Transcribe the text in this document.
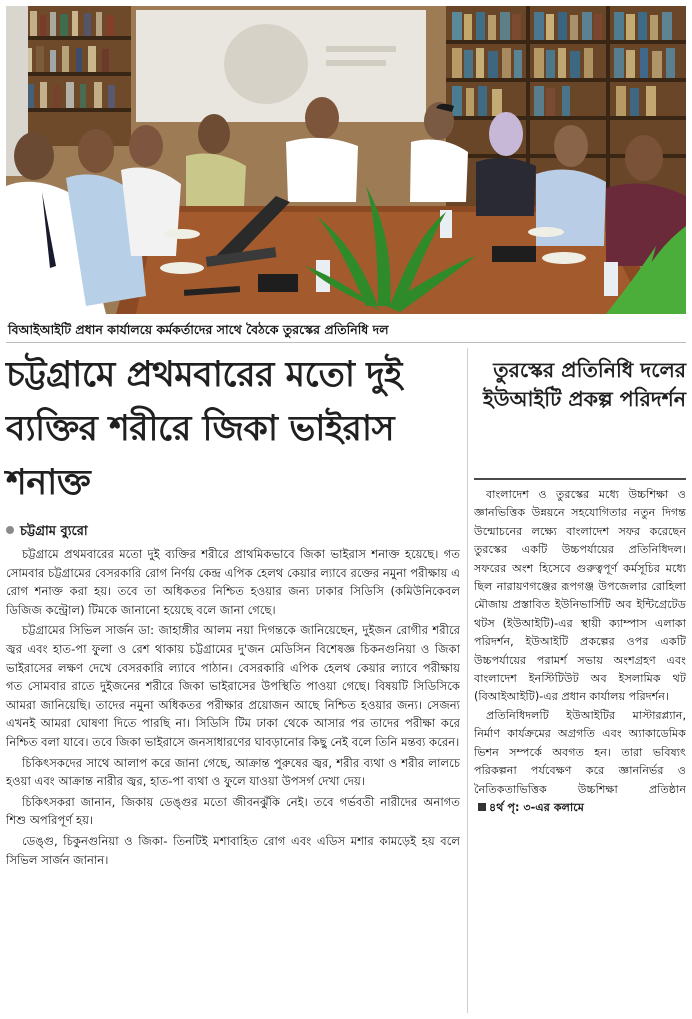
বিআইআইটি প্রধান কার্যালয়ে কর্মকর্তাদের সাথে বৈঠকে তুরস্কের প্রতিনিধি দল
চট্টগ্রামে প্রথমবারের মতো দুই ব্যক্তির শরীরে জিকা ভাইরাস শনাক্ত
চট্টগ্রাম ব্যুরো

চট্টগ্রামে প্রথমবারের মতো দুই ব্যক্তির শরীরে প্রাথমিকভাবে জিকা ভাইরাস শনাক্ত হয়েছে। গত সোমবার চট্টগ্রামের বেসরকারি রোগ নির্ণয় কেন্দ্র এপিক হেলথ কেয়ার ল্যাবে রক্তের নমুনা পরীক্ষায় এ রোগ শনাক্ত করা হয়। তবে তা অধিকতর নিশ্চিত হওয়ার জন্য ঢাকার সিডিসি (কমিউনিকেবল ডিজিজ কন্ট্রোল) টিমকে জানানো হয়েছে বলে জানা গেছে।

চট্টগ্রামের সিভিল সার্জন ডা: জাহাঙ্গীর আলম নয়া দিগন্তকে জানিয়েছেন, দুইজন রোগীর শরীরে জ্বর এবং হাত-পা ফুলা ও রেশ থাকায় চট্টগ্রামের দু'জন মেডিসিন বিশেষজ্ঞ চিকনগুনিয়া ও জিকা ভাইরাসের লক্ষণ দেখে বেসরকারি ল্যাবে পাঠান। বেসরকারি এপিক হেলথ কেয়ার ল্যাবে পরীক্ষায় গত সোমবার রাতে দুইজনের শরীরে জিকা ভাইরাসের উপস্থিতি পাওয়া গেছে। বিষয়টি সিডিসিকে আমরা জানিয়েছি। তাদের নমুনা অধিকতর পরীক্ষার প্রয়োজন আছে নিশ্চিত হওয়ার জন্য। সেজন্য এখনই আমরা ঘোষণা দিতে পারছি না। সিডিসি টিম ঢাকা থেকে আসার পর তাদের পরীক্ষা করে নিশ্চিত বলা যাবে। তবে জিকা ভাইরাসে জনসাধারণের ঘাবড়ানোর কিছু নেই বলে তিনি মন্তব্য করেন।

চিকিৎসকদের সাথে আলাপ করে জানা গেছে, আক্রান্ত পুরুষের জ্বর, শরীর ব্যথা ও শরীর লালচে হওয়া এবং আক্রান্ত নারীর জ্বর, হাত-পা ব্যথা ও ফুলে যাওয়া উপসর্গ দেখা দেয়।

চিকিৎসকরা জানান, জিকায় ডেঙ্গুর মতো জীবনঝুঁকি নেই। তবে গর্ভবতী নারীদের অনাগত শিশু অপরিপূর্ণ হয়।

ডেঙ্গু, চিকুনগুনিয়া ও জিকা- তিনটিই মশাবাহিত রোগ এবং এডিস মশার কামড়েই হয় বলে সিভিল সার্জন জানান।

তুরস্কের প্রতিনিধি দলের ইউআইটি প্রকল্প পরিদর্শন

বাংলাদেশ ও তুরস্কের মধ্যে উচ্চশিক্ষা ও জ্ঞানভিত্তিক উন্নয়নে সহযোগিতার নতুন দিগন্ত উন্মোচনের লক্ষ্যে বাংলাদেশ সফর করেছেন তুরস্কের একটি উচ্চপর্যায়ের প্রতিনিধিদল। সফরের অংশ হিসেবে গুরুত্বপূর্ণ কর্মসূচির মধ্যে ছিল নারায়ণগঞ্জের রূপগঞ্জ উপজেলার রোহিলা মৌজায় প্রস্তাবিত ইউনিভার্সিটি অব ইন্টিগ্রেটেড থটস (ইউআইটি)-এর স্থায়ী ক্যাম্পাস এলাকা পরিদর্শন, ইউআইটি প্রকল্পের ওপর একটি উচ্চপর্যায়ের পরামর্শ সভায় অংশগ্রহণ এবং বাংলাদেশ ইনস্টিটিউট অব ইসলামিক থট (বিআইআইটি)-এর প্রধান কার্যালয় পরিদর্শন।

প্রতিনিধিদলটি ইউআইটির মাস্টারপ্ল্যান, নির্মাণ কার্যক্রমের অগ্রগতি এবং অ্যাকাডেমিক ভিশন সম্পর্কে অবগত হন। তারা ভবিষ্যৎ পরিকল্পনা পর্যবেক্ষণ করে জ্ঞাননির্ভর ও নৈতিকতাভিত্তিক উচ্চশিক্ষা প্রতিষ্ঠান৪র্থ পৃ: ৩-এর কলামে
